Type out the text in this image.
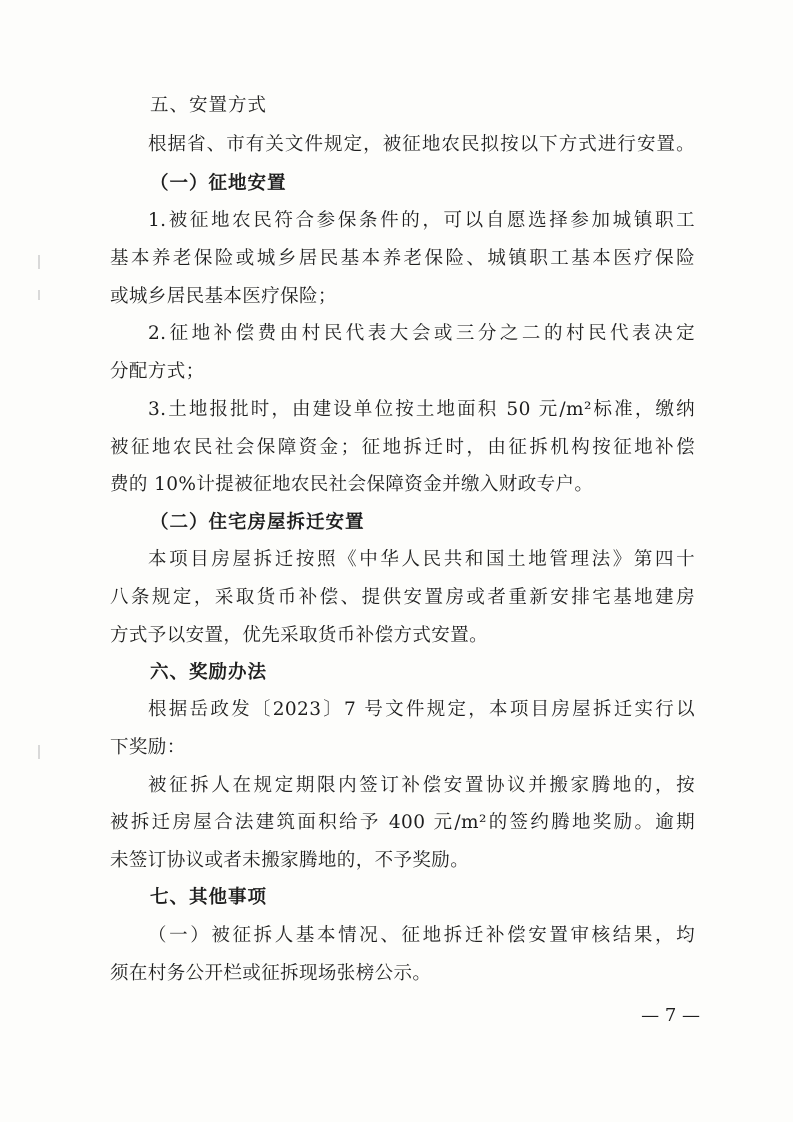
五、安置方式
根据省、市有关文件规定，被征地农民拟按以下方式进行安置。
（一）征地安置
1.被征地农民符合参保条件的，可以自愿选择参加城镇职工
基本养老保险或城乡居民基本养老保险、城镇职工基本医疗保险
或城乡居民基本医疗保险；
2.征地补偿费由村民代表大会或三分之二的村民代表决定
分配方式；
3.土地报批时，由建设单位按土地面积 50 元/m²标准，缴纳
被征地农民社会保障资金；征地拆迁时，由征拆机构按征地补偿
费的 10%计提被征地农民社会保障资金并缴入财政专户。
（二）住宅房屋拆迁安置
本项目房屋拆迁按照《中华人民共和国土地管理法》第四十
八条规定，采取货币补偿、提供安置房或者重新安排宅基地建房
方式予以安置，优先采取货币补偿方式安置。
六、奖励办法
根据岳政发〔2023〕7 号文件规定，本项目房屋拆迁实行以
下奖励：
被征拆人在规定期限内签订补偿安置协议并搬家腾地的，按
被拆迁房屋合法建筑面积给予 400 元/m²的签约腾地奖励。逾期
未签订协议或者未搬家腾地的，不予奖励。
七、其他事项
（一）被征拆人基本情况、征地拆迁补偿安置审核结果，均
须在村务公开栏或征拆现场张榜公示。
— 7 —
